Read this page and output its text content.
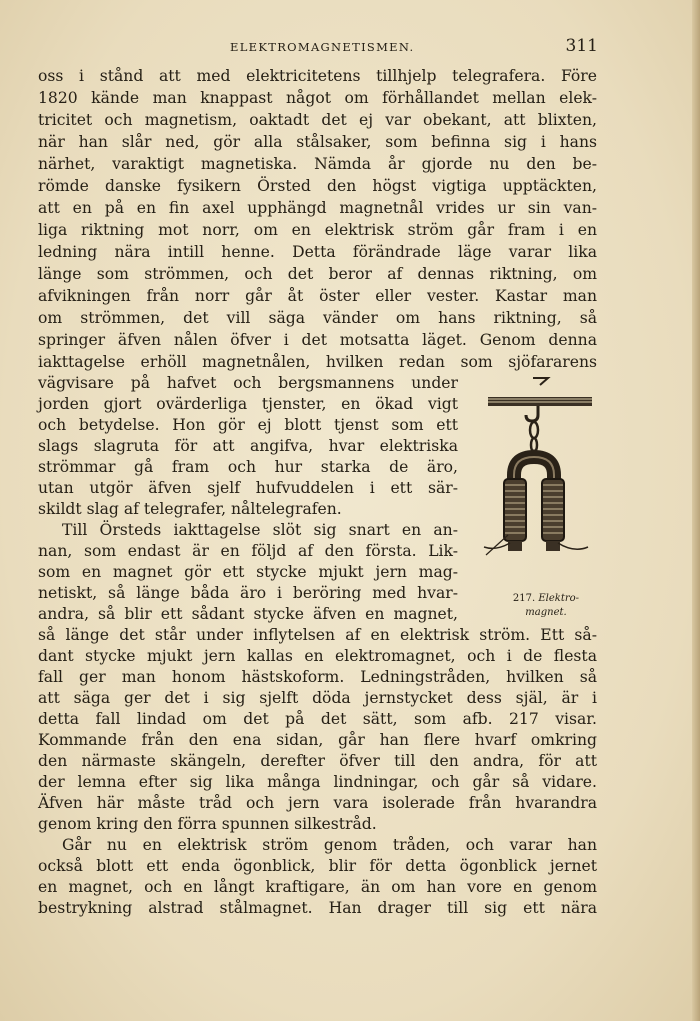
ELEKTROMAGNETISMEN.	311
oss i stånd att med elektricitetens tillhjelp telegrafera. Före
1820 kände man knappast något om förhållandet mellan elek-
tricitet och magnetism, oaktadt det ej var obekant, att blixten,
när han slår ned, gör alla stålsaker, som befinna sig i hans
närhet, varaktigt magnetiska. Nämda år gjorde nu den be-
römde danske fysikern Örsted den högst vigtiga upptäckten,
att en på en fin axel upphängd magnetnål vrides ur sin van-
liga riktning mot norr, om en elektrisk ström går fram i en
ledning nära intill henne. Detta förändrade läge varar lika
länge som strömmen, och det beror af dennas riktning, om
afvikningen från norr går åt öster eller vester. Kastar man
om strömmen, det vill säga vänder om hans riktning, så
springer äfven nålen öfver i det motsatta läget. Genom denna
iakttagelse erhöll magnetnålen, hvilken redan som sjöfararens
vägvisare på hafvet och bergsmannens under
jorden gjort ovärderliga tjenster, en ökad vigt
och betydelse. Hon gör ej blott tjenst som ett
slags slagruta för att angifva, hvar elektriska
strömmar gå fram och hur starka de äro,
utan utgör äfven sjelf hufvuddelen i ett sär-
skildt slag af telegrafer, nåltelegrafen.
Till Örsteds iakttagelse slöt sig snart en an-
nan, som endast är en följd af den första. Lik-
som en magnet gör ett stycke mjukt jern mag-
netiskt, så länge båda äro i beröring med hvar-
andra, så blir ett sådant stycke äfven en magnet,
så länge det står under inflytelsen af en elektrisk ström. Ett så-
dant stycke mjukt jern kallas en elektromagnet, och i de flesta
fall ger man honom hästskoform. Ledningstråden, hvilken så
att säga ger det i sig sjelft döda jernstycket dess själ, är i
detta fall lindad om det på det sätt, som afb. 217 visar.
Kommande från den ena sidan, går han flere hvarf omkring
den närmaste skängeln, derefter öfver till den andra, för att
der lemna efter sig lika många lindningar, och går så vidare.
Äfven här måste tråd och jern vara isolerade från hvarandra
genom kring den förra spunnen silkestråd.
Går nu en elektrisk ström genom tråden, och varar han
också blott ett enda ögonblick, blir för detta ögonblick jernet
en magnet, och en långt kraftigare, än om han vore en genom
bestrykning alstrad stålmagnet. Han drager till sig ett nära
217. Elektro- magnet.
